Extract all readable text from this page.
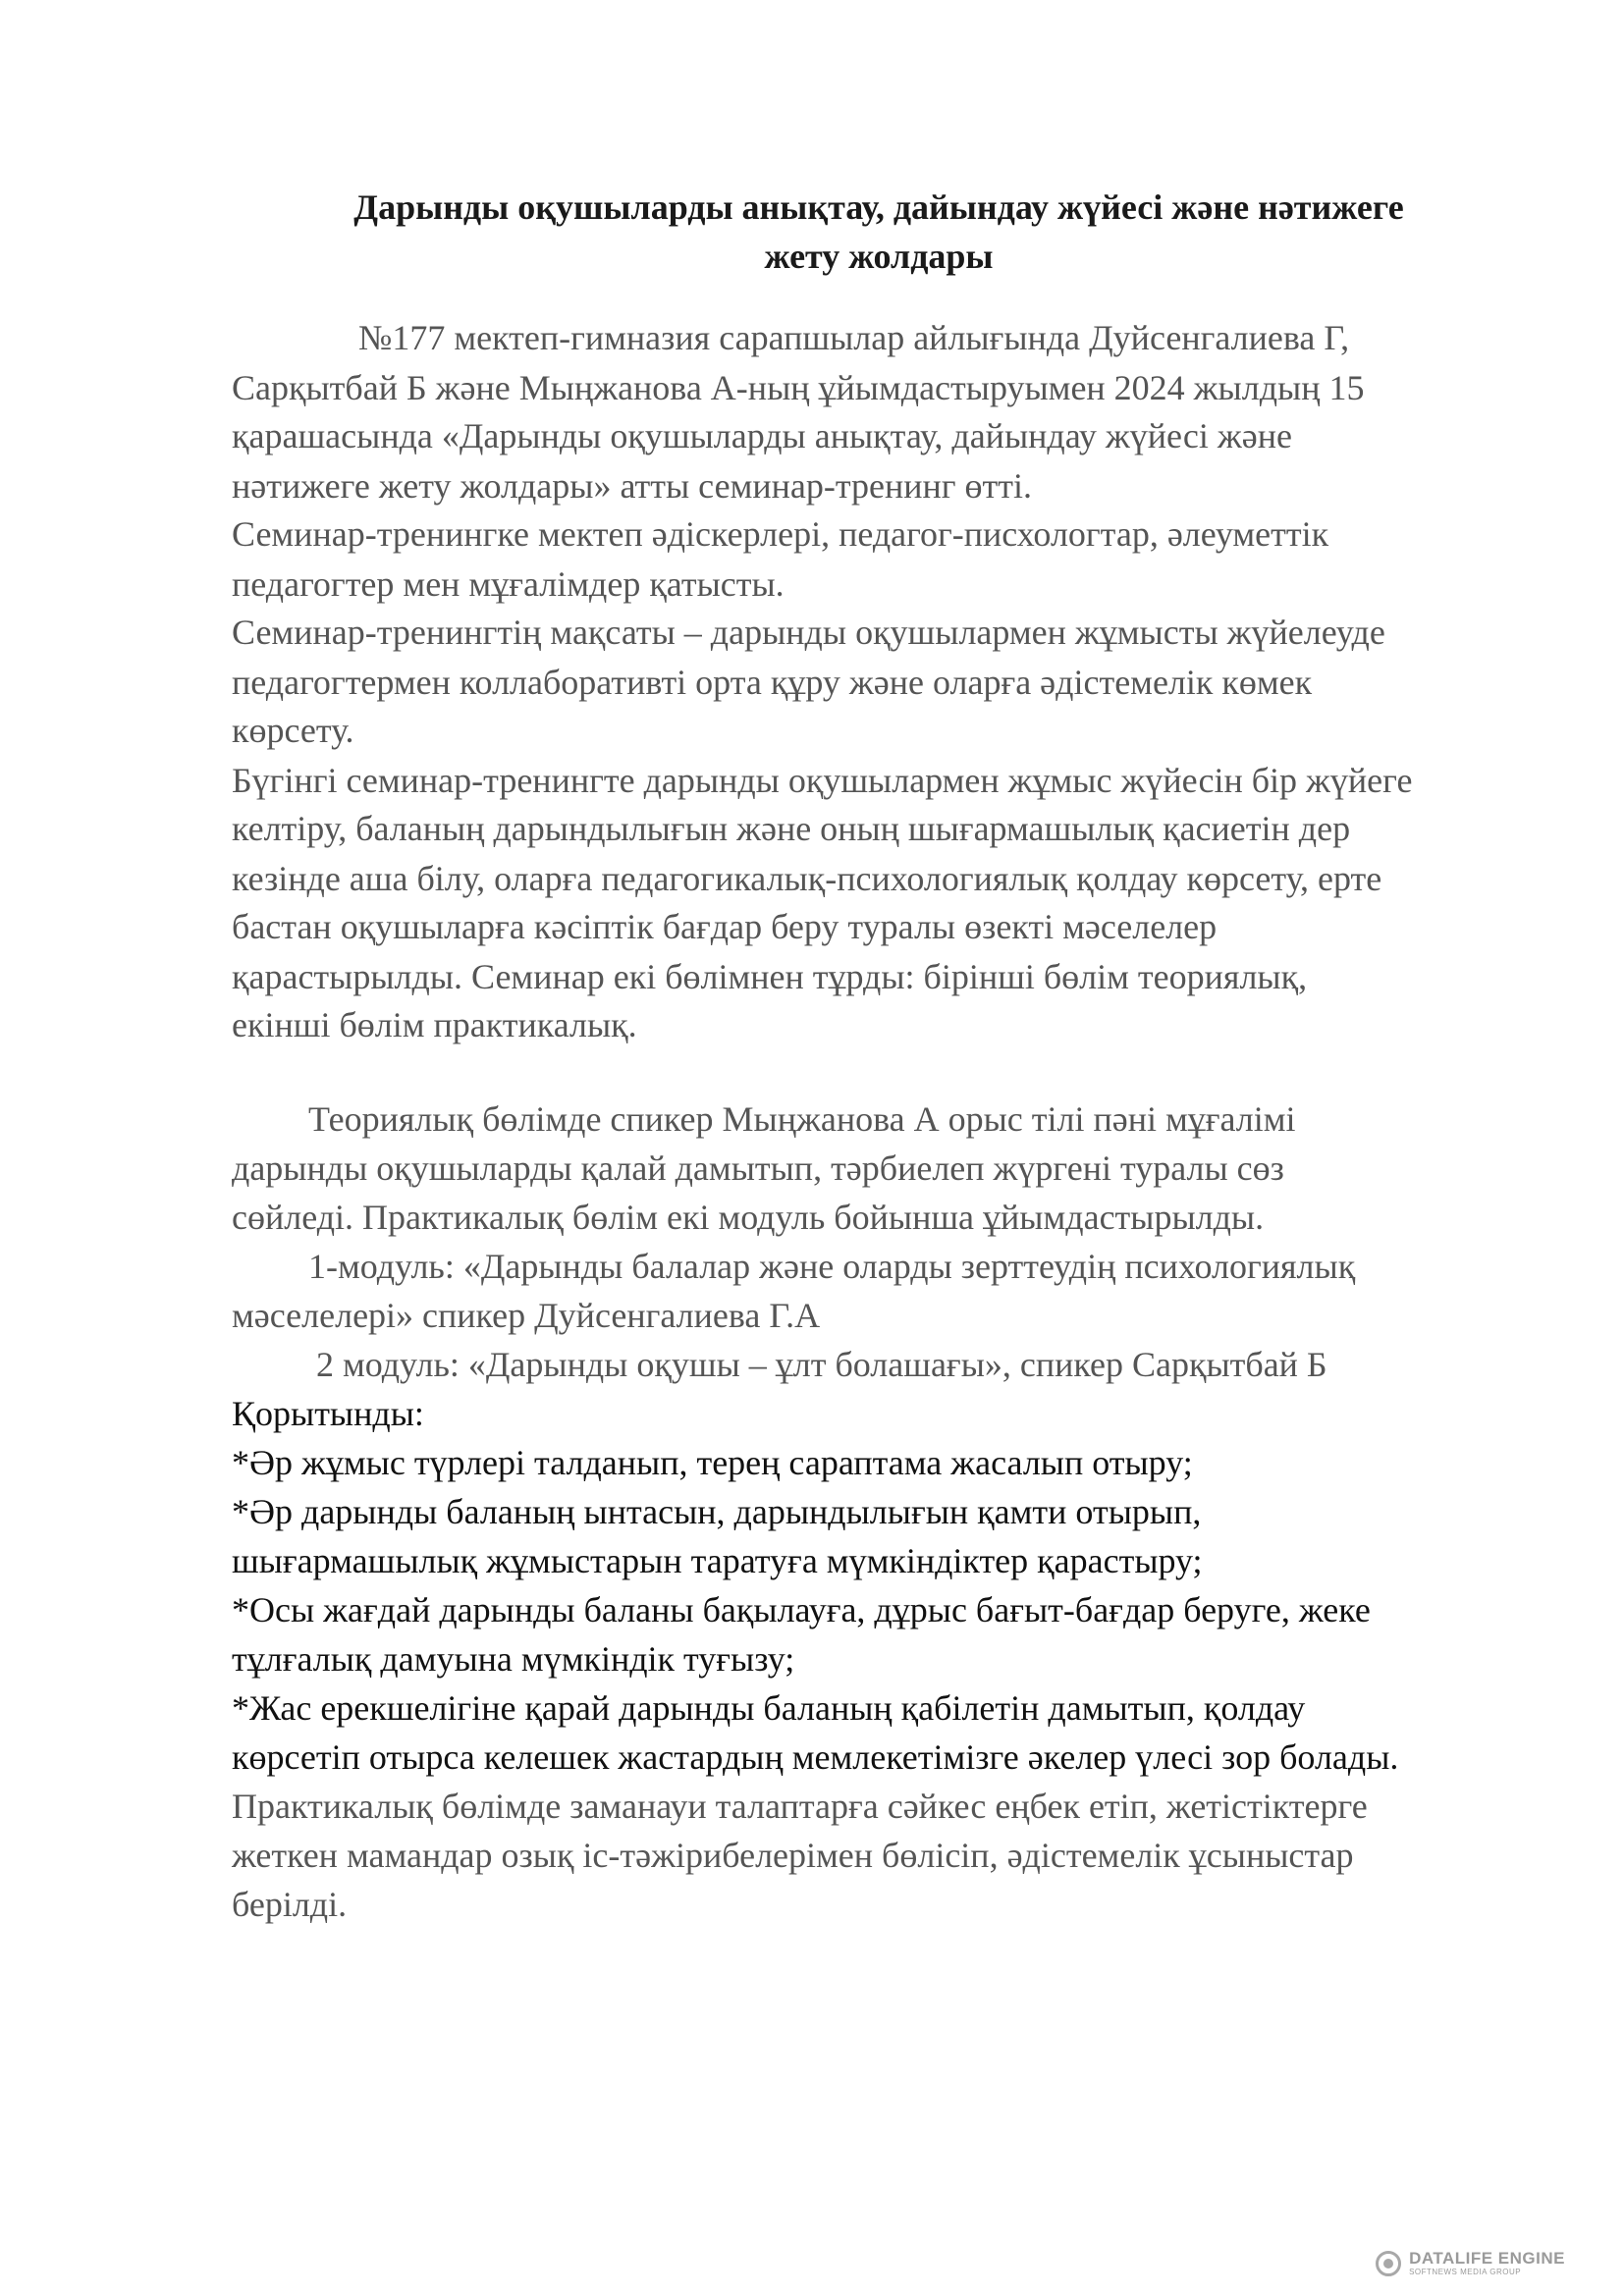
Дарынды оқушыларды анықтау, дайындау жүйесі және нәтижеге
жету жолдары

№177 мектеп-гимназия сарапшылар айлығында Дуйсенгалиева Г,

Сарқытбай Б және Мыңжанова А-ның ұйымдастыруымен 2024 жылдың 15

қарашасында «Дарынды оқушыларды анықтау, дайындау жүйесі және

нәтижеге жету жолдары» атты семинар-тренинг өтті.

Семинар-тренингке мектеп әдіскерлері, педагог-писхологтар, әлеуметтік

педагогтер мен мұғалімдер қатысты.

Семинар-тренингтің мақсаты – дарынды оқушылармен жұмысты жүйелеуде

педагогтермен коллаборативті орта құру және оларға әдістемелік көмек

көрсету.

Бүгінгі семинар-тренингте дарынды оқушылармен жұмыс жүйесін бір жүйеге

келтіру, баланың дарындылығын және оның шығармашылық қасиетін дер

кезінде аша білу, оларға педагогикалық-психологиялық қолдау көрсету, ерте

бастан оқушыларға кәсіптік бағдар беру туралы өзекті мәселелер

қарастырылды. Семинар екі бөлімнен тұрды: бірінші бөлім теориялық,

екінші бөлім практикалық.

Теориялық бөлімде спикер Мыңжанова А орыс тілі пәні мұғалімі

дарынды оқушыларды қалай дамытып, тәрбиелеп жүргені туралы сөз

сөйледі. Практикалық бөлім екі модуль бойынша ұйымдастырылды.

1-модуль: «Дарынды балалар және оларды зерттеудің психологиялық

мәселелері» спикер Дуйсенгалиева Г.А

2 модуль: «Дарынды оқушы – ұлт болашағы», спикер Сарқытбай Б

Қорытынды:

*Әр жұмыс түрлері талданып, терең сараптама жасалып отыру;

*Әр дарынды баланың ынтасын, дарындылығын қамти отырып,

шығармашылық жұмыстарын таратуға мүмкіндіктер қарастыру;

*Осы жағдай дарынды баланы бақылауға, дұрыс бағыт-бағдар беруге, жеке

тұлғалық дамуына мүмкіндік туғызу;

*Жас ерекшелігіне қарай дарынды баланың қабілетін дамытып, қолдау

көрсетіп отырса келешек жастардың мемлекетімізге әкелер үлесі зор болады.

Практикалық бөлімде заманауи талаптарға сәйкес еңбек етіп, жетістіктерге

жеткен мамандар озық іс-тәжірибелерімен бөлісіп, әдістемелік ұсыныстар

берілді.

DATALIFE ENGINE
SOFTNEWS MEDIA GROUP
